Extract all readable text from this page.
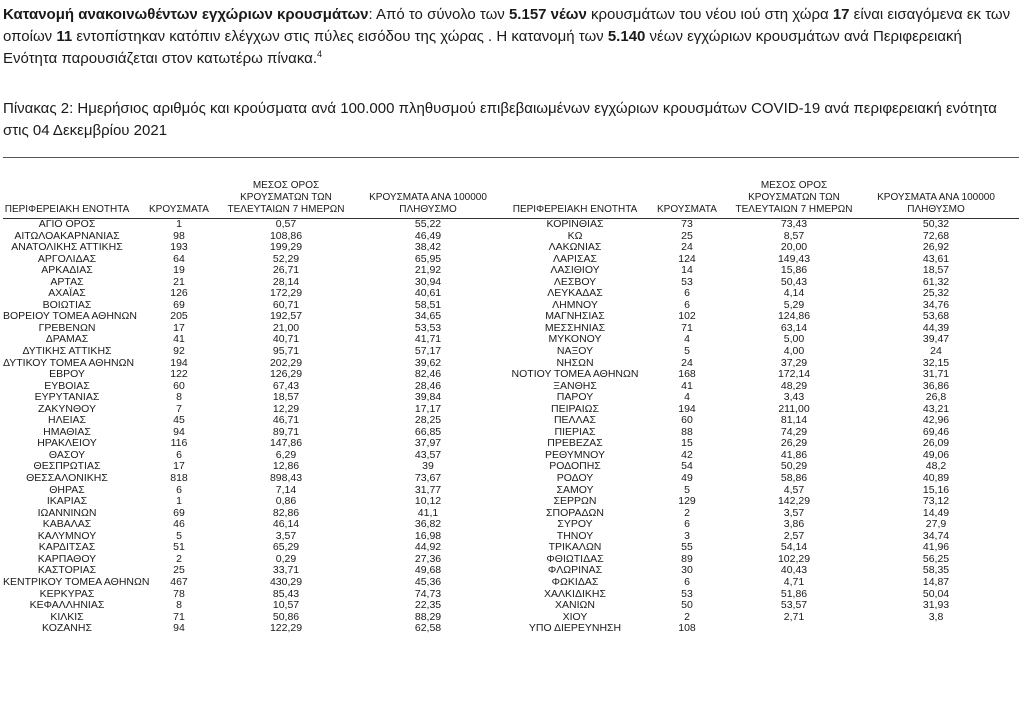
Κατανομή ανακοινωθέντων εγχώριων κρουσμάτων: Από το σύνολο των 5.157 νέων κρουσμάτων του νέου ιού στη χώρα 17 είναι εισαγόμενα εκ των οποίων 11 εντοπίστηκαν κατόπιν ελέγχων στις πύλες εισόδου της χώρας . Η κατανομή των 5.140 νέων εγχώριων κρουσμάτων ανά Περιφερειακή Ενότητα παρουσιάζεται στον κατωτέρω πίνακα.$^4$

Πίνακας 2: Ημερήσιος αριθμός και κρούσματα ανά 100.000 πληθυσμού επιβεβαιωμένων εγχώριων κρουσμάτων COVID-19 ανά περιφερειακή ενότητα στις 04 Δεκεμβρίου 2021

ΠΕΡΙΦΕΡΕΙΑΚΗ ΕΝΟΤΗΤΑ	ΚΡΟΥΣΜΑΤΑ	ΜΕΣΟΣ ΟΡΟΣ ΚΡΟΥΣΜΑΤΩΝ ΤΩΝ ΤΕΛΕΥΤΑΙΩΝ 7 ΗΜΕΡΩΝ	ΚΡΟΥΣΜΑΤΑ ΑΝΑ 100000 ΠΛΗΘΥΣΜΟ	ΠΕΡΙΦΕΡΕΙΑΚΗ ΕΝΟΤΗΤΑ	ΚΡΟΥΣΜΑΤΑ	ΜΕΣΟΣ ΟΡΟΣ ΚΡΟΥΣΜΑΤΩΝ ΤΩΝ ΤΕΛΕΥΤΑΙΩΝ 7 ΗΜΕΡΩΝ	ΚΡΟΥΣΜΑΤΑ ΑΝΑ 100000 ΠΛΗΘΥΣΜΟ
ΑΓΙΟ ΟΡΟΣ	1	0,57	55,22	ΚΟΡΙΝΘΙΑΣ	73	73,43	50,32
ΑΙΤΩΛΟΑΚΑΡΝΑΝΙΑΣ	98	108,86	46,49	ΚΩ	25	8,57	72,68
ΑΝΑΤΟΛΙΚΗΣ ΑΤΤΙΚΗΣ	193	199,29	38,42	ΛΑΚΩΝΙΑΣ	24	20,00	26,92
ΑΡΓΟΛΙΔΑΣ	64	52,29	65,95	ΛΑΡΙΣΑΣ	124	149,43	43,61
ΑΡΚΑΔΙΑΣ	19	26,71	21,92	ΛΑΣΙΘΙΟΥ	14	15,86	18,57
ΑΡΤΑΣ	21	28,14	30,94	ΛΕΣΒΟΥ	53	50,43	61,32
ΑΧΑΪΑΣ	126	172,29	40,61	ΛΕΥΚΑΔΑΣ	6	4,14	25,32
ΒΟΙΩΤΙΑΣ	69	60,71	58,51	ΛΗΜΝΟΥ	6	5,29	34,76
ΒΟΡΕΙΟΥ ΤΟΜΕΑ ΑΘΗΝΩΝ	205	192,57	34,65	ΜΑΓΝΗΣΙΑΣ	102	124,86	53,68
ΓΡΕΒΕΝΩΝ	17	21,00	53,53	ΜΕΣΣΗΝΙΑΣ	71	63,14	44,39
ΔΡΑΜΑΣ	41	40,71	41,71	ΜΥΚΟΝΟΥ	4	5,00	39,47
ΔΥΤΙΚΗΣ ΑΤΤΙΚΗΣ	92	95,71	57,17	ΝΑΞΟΥ	5	4,00	24
ΔΥΤΙΚΟΥ ΤΟΜΕΑ ΑΘΗΝΩΝ	194	202,29	39,62	ΝΗΣΩΝ	24	37,29	32,15
ΕΒΡΟΥ	122	126,29	82,46	ΝΟΤΙΟΥ ΤΟΜΕΑ ΑΘΗΝΩΝ	168	172,14	31,71
ΕΥΒΟΙΑΣ	60	67,43	28,46	ΞΑΝΘΗΣ	41	48,29	36,86
ΕΥΡΥΤΑΝΙΑΣ	8	18,57	39,84	ΠΑΡΟΥ	4	3,43	26,8
ΖΑΚΥΝΘΟΥ	7	12,29	17,17	ΠΕΙΡΑΙΩΣ	194	211,00	43,21
ΗΛΕΙΑΣ	45	46,71	28,25	ΠΕΛΛΑΣ	60	81,14	42,96
ΗΜΑΘΙΑΣ	94	89,71	66,85	ΠΙΕΡΙΑΣ	88	74,29	69,46
ΗΡΑΚΛΕΙΟΥ	116	147,86	37,97	ΠΡΕΒΕΖΑΣ	15	26,29	26,09
ΘΑΣΟΥ	6	6,29	43,57	ΡΕΘΥΜΝΟΥ	42	41,86	49,06
ΘΕΣΠΡΩΤΙΑΣ	17	12,86	39	ΡΟΔΟΠΗΣ	54	50,29	48,2
ΘΕΣΣΑΛΟΝΙΚΗΣ	818	898,43	73,67	ΡΟΔΟΥ	49	58,86	40,89
ΘΗΡΑΣ	6	7,14	31,77	ΣΑΜΟΥ	5	4,57	15,16
ΙΚΑΡΙΑΣ	1	0,86	10,12	ΣΕΡΡΩΝ	129	142,29	73,12
ΙΩΑΝΝΙΝΩΝ	69	82,86	41,1	ΣΠΟΡΑΔΩΝ	2	3,57	14,49
ΚΑΒΑΛΑΣ	46	46,14	36,82	ΣΥΡΟΥ	6	3,86	27,9
ΚΑΛΥΜΝΟΥ	5	3,57	16,98	ΤΗΝΟΥ	3	2,57	34,74
ΚΑΡΔΙΤΣΑΣ	51	65,29	44,92	ΤΡΙΚΑΛΩΝ	55	54,14	41,96
ΚΑΡΠΑΘΟΥ	2	0,29	27,36	ΦΘΙΩΤΙΔΑΣ	89	102,29	56,25
ΚΑΣΤΟΡΙΑΣ	25	33,71	49,68	ΦΛΩΡΙΝΑΣ	30	40,43	58,35
ΚΕΝΤΡΙΚΟΥ ΤΟΜΕΑ ΑΘΗΝΩΝ	467	430,29	45,36	ΦΩΚΙΔΑΣ	6	4,71	14,87
ΚΕΡΚΥΡΑΣ	78	85,43	74,73	ΧΑΛΚΙΔΙΚΗΣ	53	51,86	50,04
ΚΕΦΑΛΛΗΝΙΑΣ	8	10,57	22,35	ΧΑΝΙΩΝ	50	53,57	31,93
ΚΙΛΚΙΣ	71	50,86	88,29	ΧΙΟΥ	2	2,71	3,8
ΚΟΖΑΝΗΣ	94	122,29	62,58	ΥΠΟ ΔΙΕΡΕΥΝΗΣΗ	108		
